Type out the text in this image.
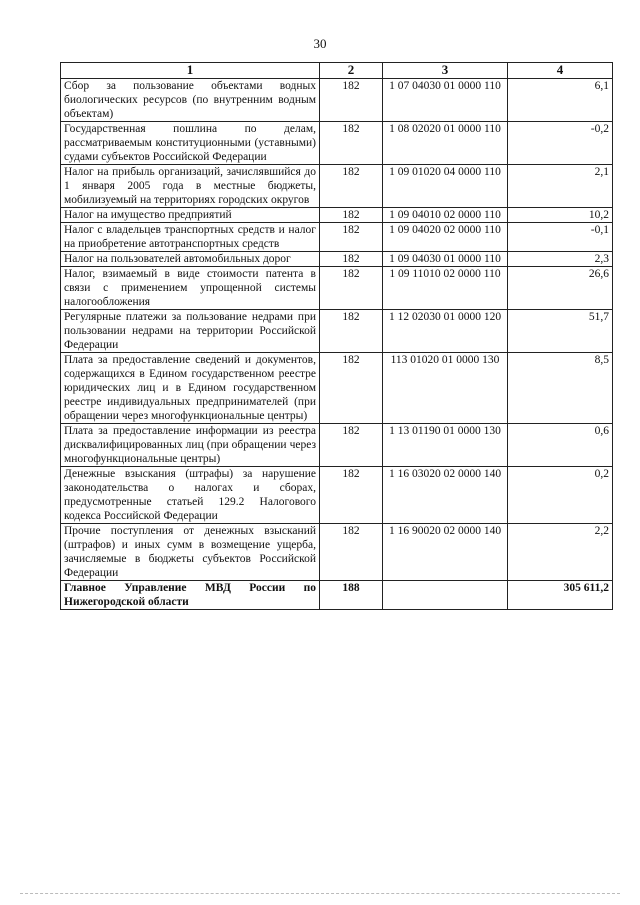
30
1	2	3	4
Сбор за пользование объектами водных биологических ресурсов (по внутренним водным объектам)	182	1 07 04030 01 0000 110	6,1
Государственная пошлина по делам, рассматриваемым конституционными (уставными) судами субъектов Российской Федерации	182	1 08 02020 01 0000 110	-0,2
Налог на прибыль организаций, зачислявшийся до 1 января 2005 года в местные бюджеты, мобилизуемый на территориях городских округов	182	1 09 01020 04 0000 110	2,1
Налог на имущество предприятий	182	1 09 04010 02 0000 110	10,2
Налог с владельцев транспортных средств и налог на приобретение автотранспортных средств	182	1 09 04020 02 0000 110	-0,1
Налог на пользователей автомобильных дорог	182	1 09 04030 01 0000 110	2,3
Налог, взимаемый в виде стоимости патента в связи с применением упрощенной системы налогообложения	182	1 09 11010 02 0000 110	26,6
Регулярные платежи за пользование недрами при пользовании недрами на территории Российской Федерации	182	1 12 02030 01 0000 120	51,7
Плата за предоставление сведений и документов, содержащихся в Едином государственном реестре юридических лиц и в Едином государственном реестре индивидуальных предпринимателей (при обращении через многофункциональные центры)	182	113 01020 01 0000 130	8,5
Плата за предоставление информации из реестра дисквалифицированных лиц (при обращении через многофункциональные центры)	182	1 13 01190 01 0000 130	0,6
Денежные взыскания (штрафы) за нарушение законодательства о налогах и сборах, предусмотренные статьей 129.2 Налогового кодекса Российской Федерации	182	1 16 03020 02 0000 140	0,2
Прочие поступления от денежных взысканий (штрафов) и иных сумм в возмещение ущерба, зачисляемые в бюджеты субъектов Российской Федерации	182	1 16 90020 02 0000 140	2,2
Главное Управление МВД России по Нижегородской области	188		305 611,2
